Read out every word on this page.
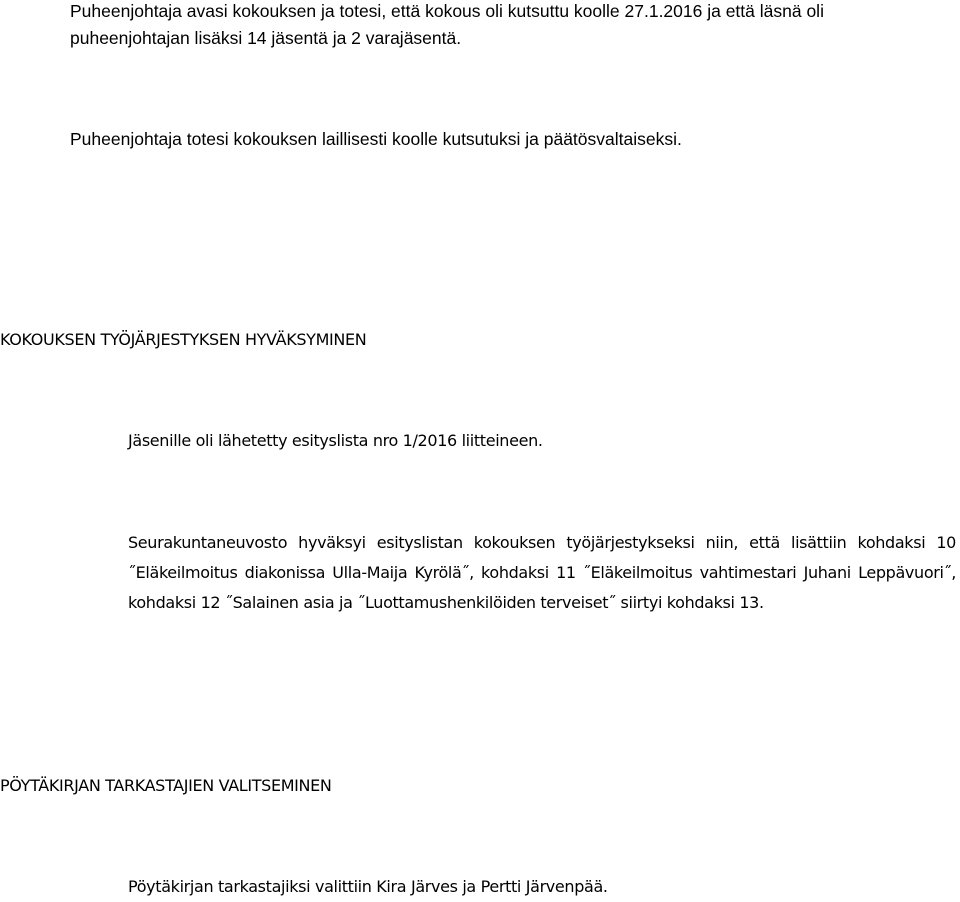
Puheenjohtaja avasi kokouksen ja totesi, että kokous oli kutsuttu koolle 27.1.2016 ja että läsnä oli

puheenjohtajan lisäksi 14 jäsentä ja 2 varajäsentä.

Puheenjohtaja totesi kokouksen laillisesti koolle kutsutuksi ja päätösvaltaiseksi.

KOKOUKSEN TYÖJÄRJESTYKSEN HYVÄKSYMINEN

Jäsenille oli lähetetty esityslista nro 1/2016 liitteineen.

Seurakuntaneuvosto hyväksyi esityslistan kokouksen työjärjestykseksi niin, että lisättiin kohdaksi 10 ˝Eläkeilmoitus diakonissa Ulla-Maija Kyrölä˝, kohdaksi 11 ˝Eläkeilmoitus vahtimestari Juhani Leppävuori˝, kohdaksi 12 ˝Salainen asia ja ˝Luottamushenkilöiden terveiset˝ siirtyi kohdaksi 13.

PÖYTÄKIRJAN TARKASTAJIEN VALITSEMINEN

Pöytäkirjan tarkastajiksi valittiin Kira Järves ja Pertti Järvenpää.
